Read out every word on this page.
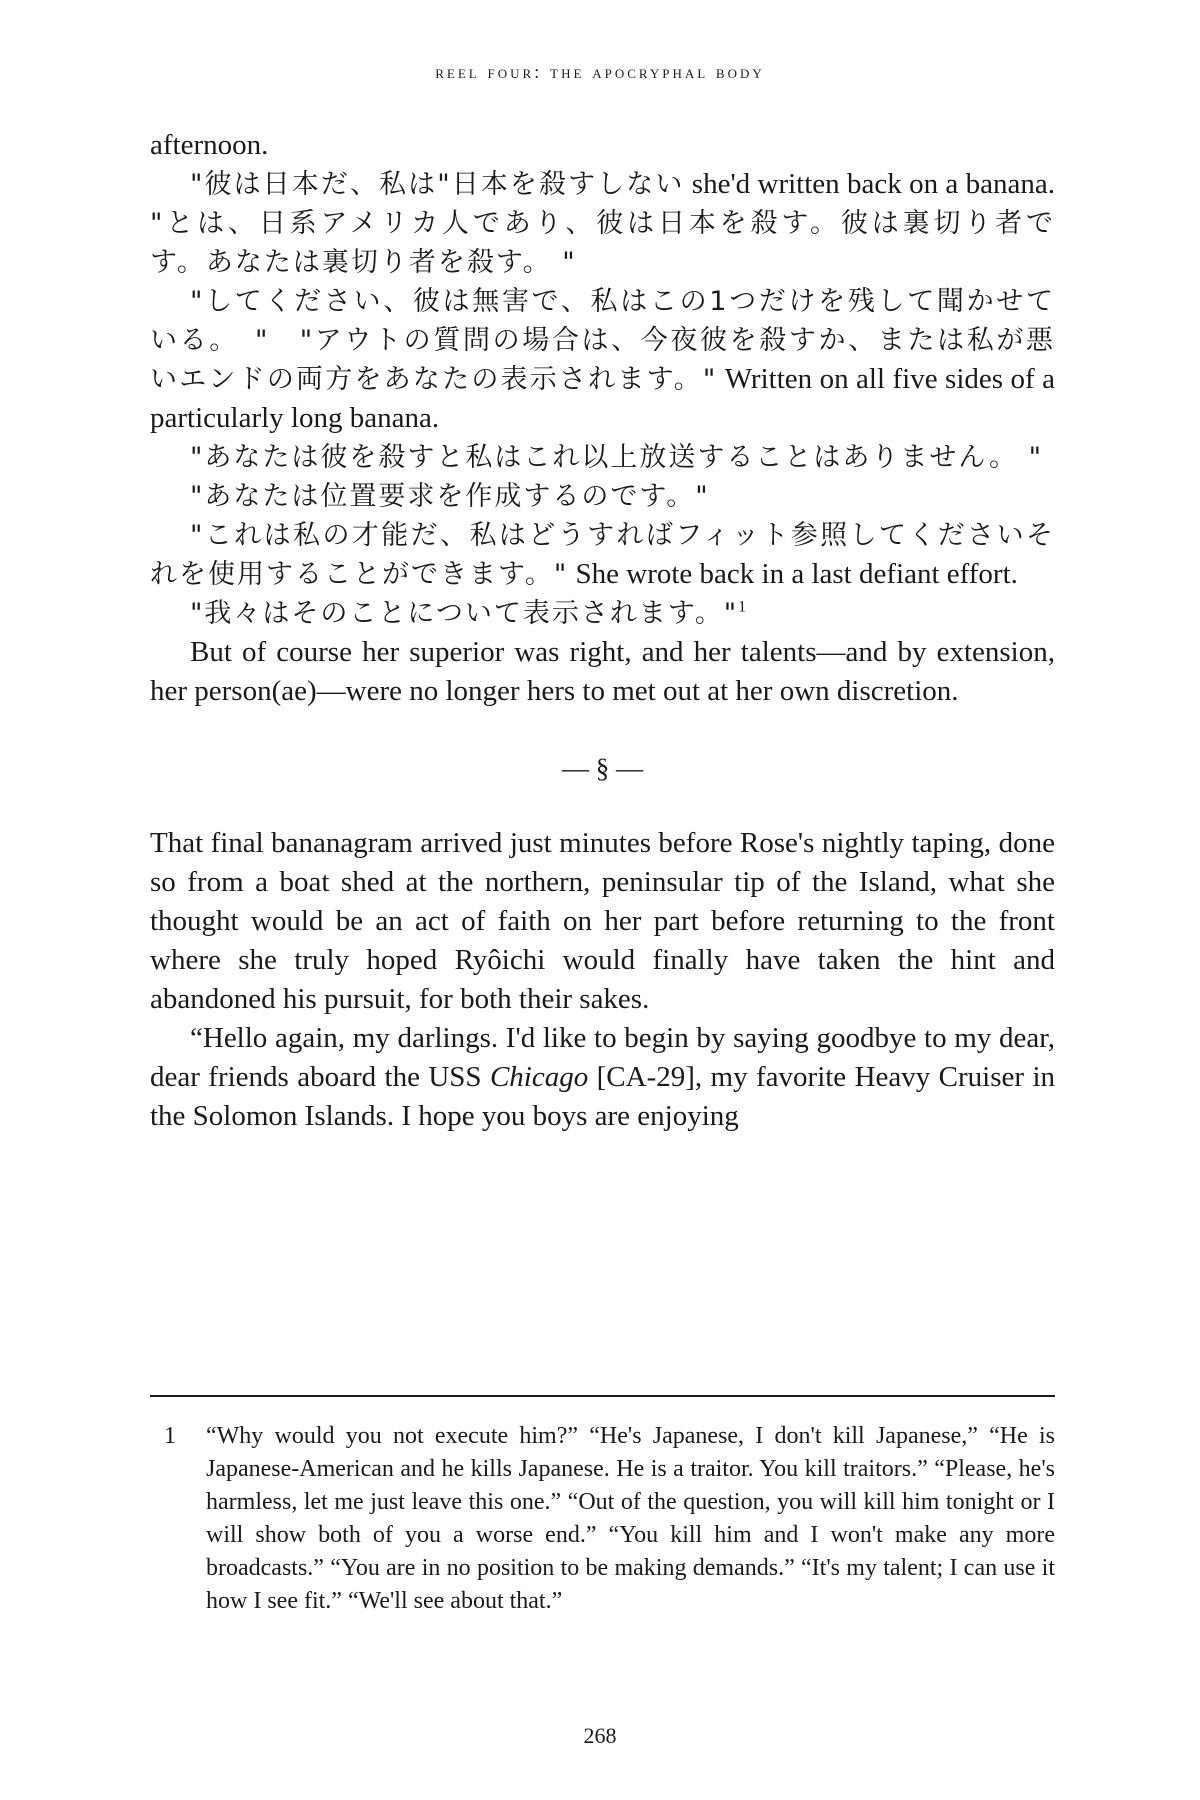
reel four: the apocryphal body

afternoon.

"彼は日本だ、私は"日本を殺すしない she'd written back on a banana. "とは、日系アメリカ人であり、彼は日本を殺す。彼は裏切り者です。あなたは裏切り者を殺す。 "

"してください、彼は無害で、私はこの1つだけを残して聞かせている。　"　"アウトの質問の場合は、今夜彼を殺すか、または私が悪いエンドの両方をあなたの表示されます。" Written on all five sides of a particularly long banana.

"あなたは彼を殺すと私はこれ以上放送することはありません。 "

"あなたは位置要求を作成するのです。"

"これは私の才能だ、私はどうすればフィット参照してくださいそれを使用することができます。" She wrote back in a last defiant effort.

"我々はそのことについて表示されます。"$^1$

But of course her superior was right, and her talents—and by extension, her person(ae)—were no longer hers to met out at her own discretion.

— § —

That final bananagram arrived just minutes before Rose's nightly taping, done so from a boat shed at the northern, peninsular tip of the Island, what she thought would be an act of faith on her part before returning to the front where she truly hoped Ryôichi would finally have taken the hint and abandoned his pursuit, for both their sakes.

“Hello again, my darlings. I'd like to begin by saying goodbye to my dear, dear friends aboard the USS Chicago [CA-29], my favorite Heavy Cruiser in the Solomon Islands. I hope you boys are enjoying

1	“Why would you not execute him?” “He's Japanese, I don't kill Japanese,” “He is Japanese-American and he kills Japanese. He is a traitor. You kill traitors.” “Please, he's harmless, let me just leave this one.” “Out of the question, you will kill him tonight or I will show both of you a worse end.” “You kill him and I won't make any more broadcasts.” “You are in no position to be making demands.” “It's my talent; I can use it how I see fit.” “We'll see about that.”
268
